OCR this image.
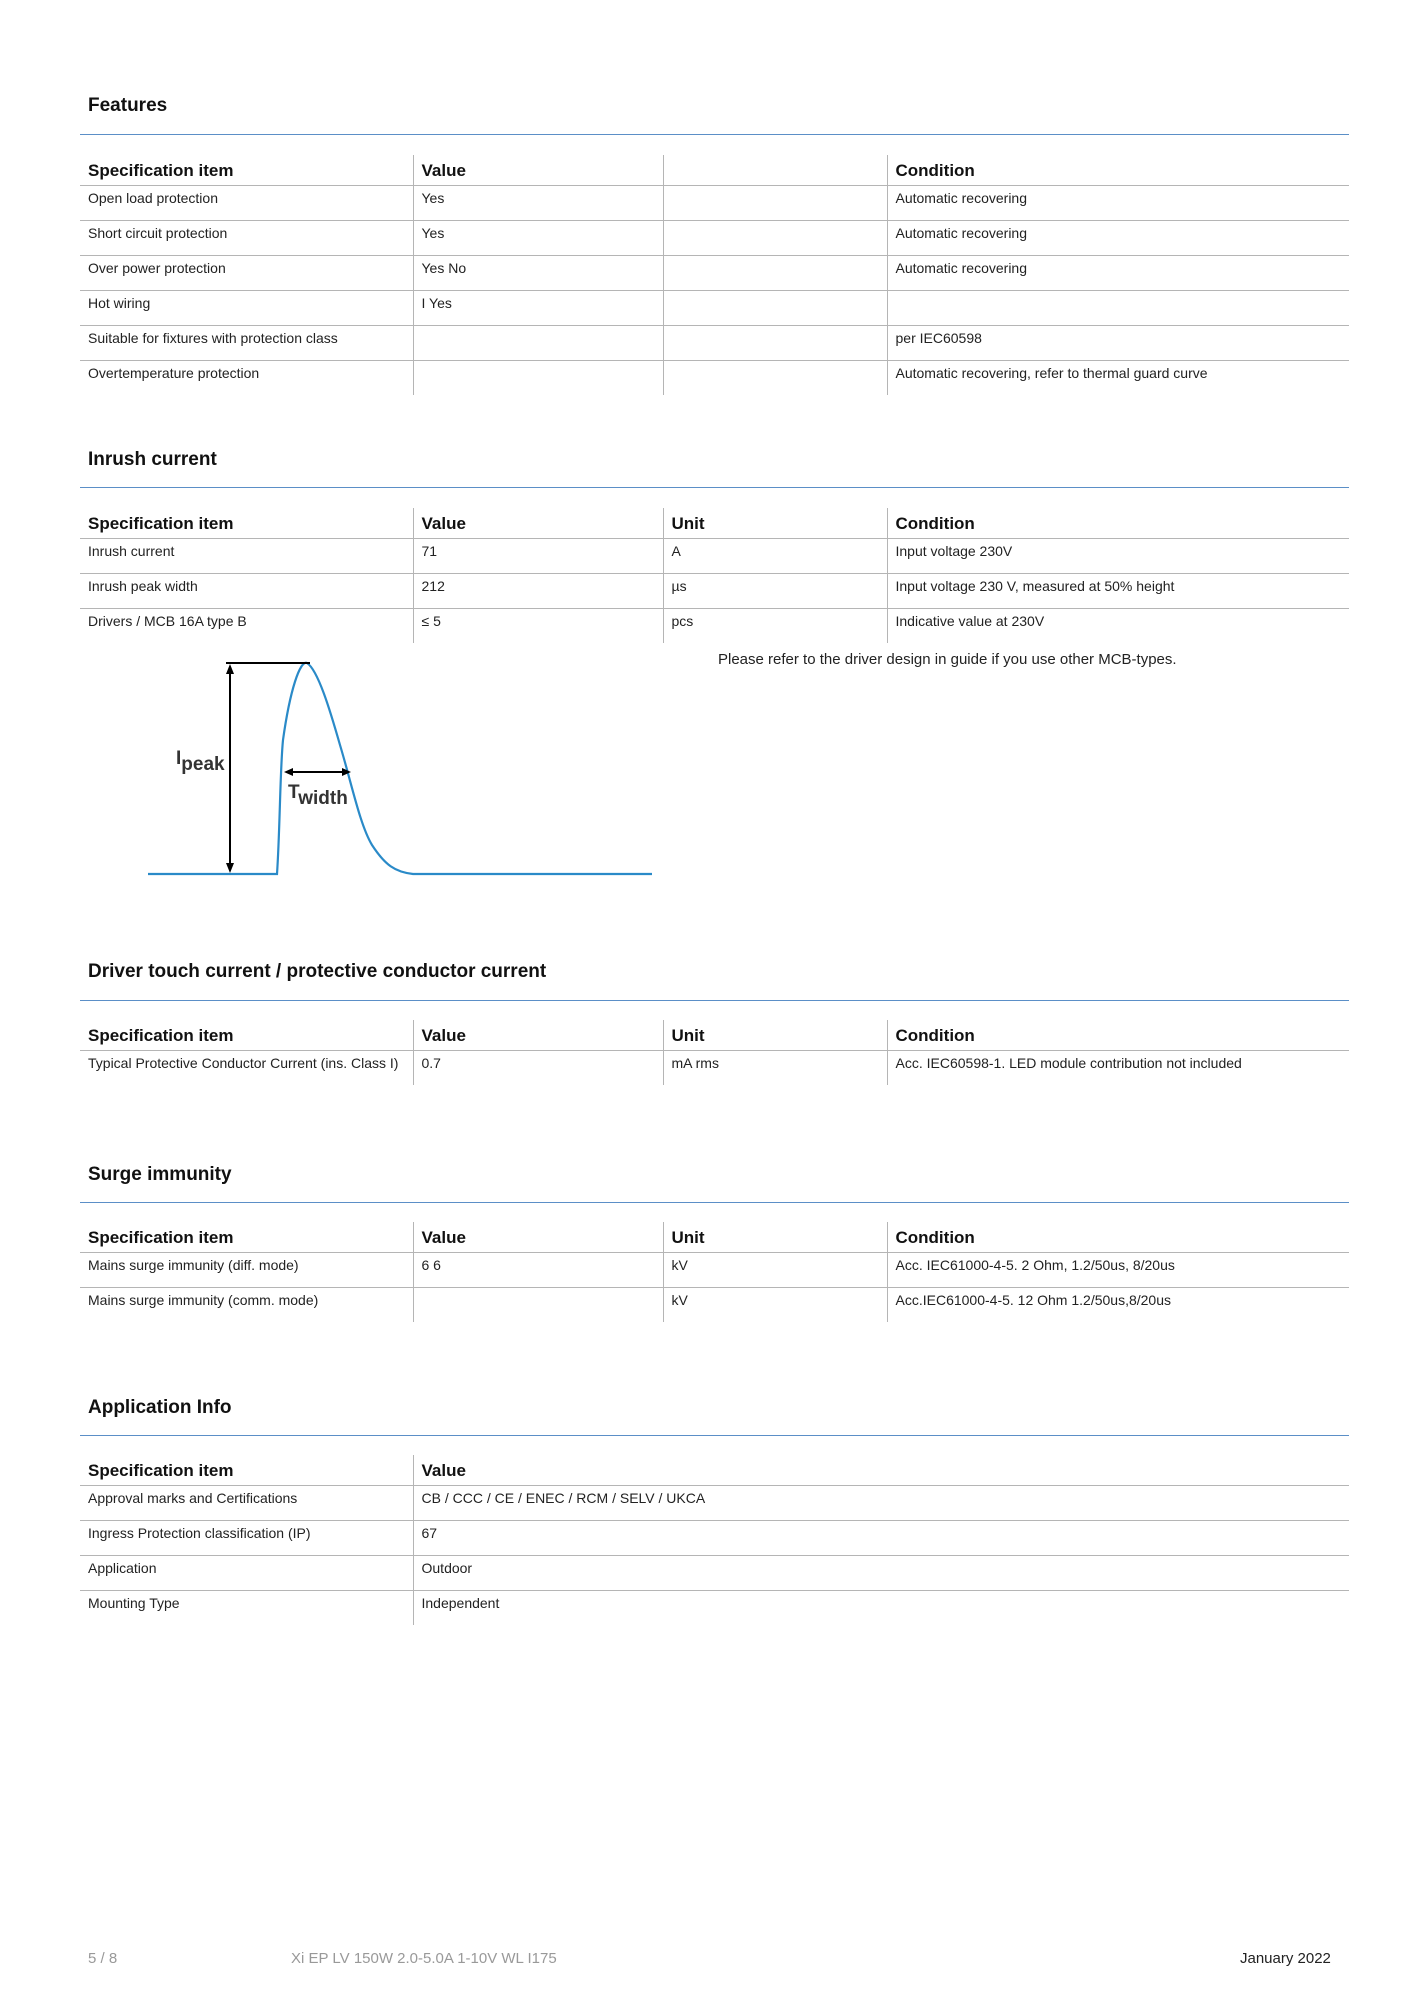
Features
Specification item	Value		Condition
Open load protection	Yes		Automatic recovering
Short circuit protection	Yes		Automatic recovering
Over power protection	Yes No		Automatic recovering
Hot wiring	I Yes		
Suitable for fixtures with protection class			per IEC60598
Overtemperature protection			Automatic recovering, refer to thermal guard curve
Inrush current
Specification item	Value	Unit	Condition
Inrush current	71	A	Input voltage 230V
Inrush peak width	212	µs	Input voltage 230 V, measured at 50% height
Drivers / MCB 16A type B	≤ 5	pcs	Indicative value at 230V
Please refer to the driver design in guide if you use other MCB-types.
Ipeak
Twidth
Driver touch current / protective conductor current
Specification item	Value	Unit	Condition
Typical Protective Conductor Current (ins. Class I)	0.7	mA rms	Acc. IEC60598-1. LED module contribution not included
Surge immunity
Specification item	Value	Unit	Condition
Mains surge immunity (diff. mode)	6 6	kV	Acc. IEC61000-4-5. 2 Ohm, 1.2/50us, 8/20us
Mains surge immunity (comm. mode)		kV	Acc.IEC61000-4-5. 12 Ohm 1.2/50us,8/20us
Application Info
Specification item	Value
Approval marks and Certifications	CB / CCC / CE / ENEC / RCM / SELV / UKCA
Ingress Protection classification (IP)	67
Application	Outdoor
Mounting Type	Independent
5 / 8	Xi EP LV 150W 2.0-5.0A 1-10V WL I175	January 2022
